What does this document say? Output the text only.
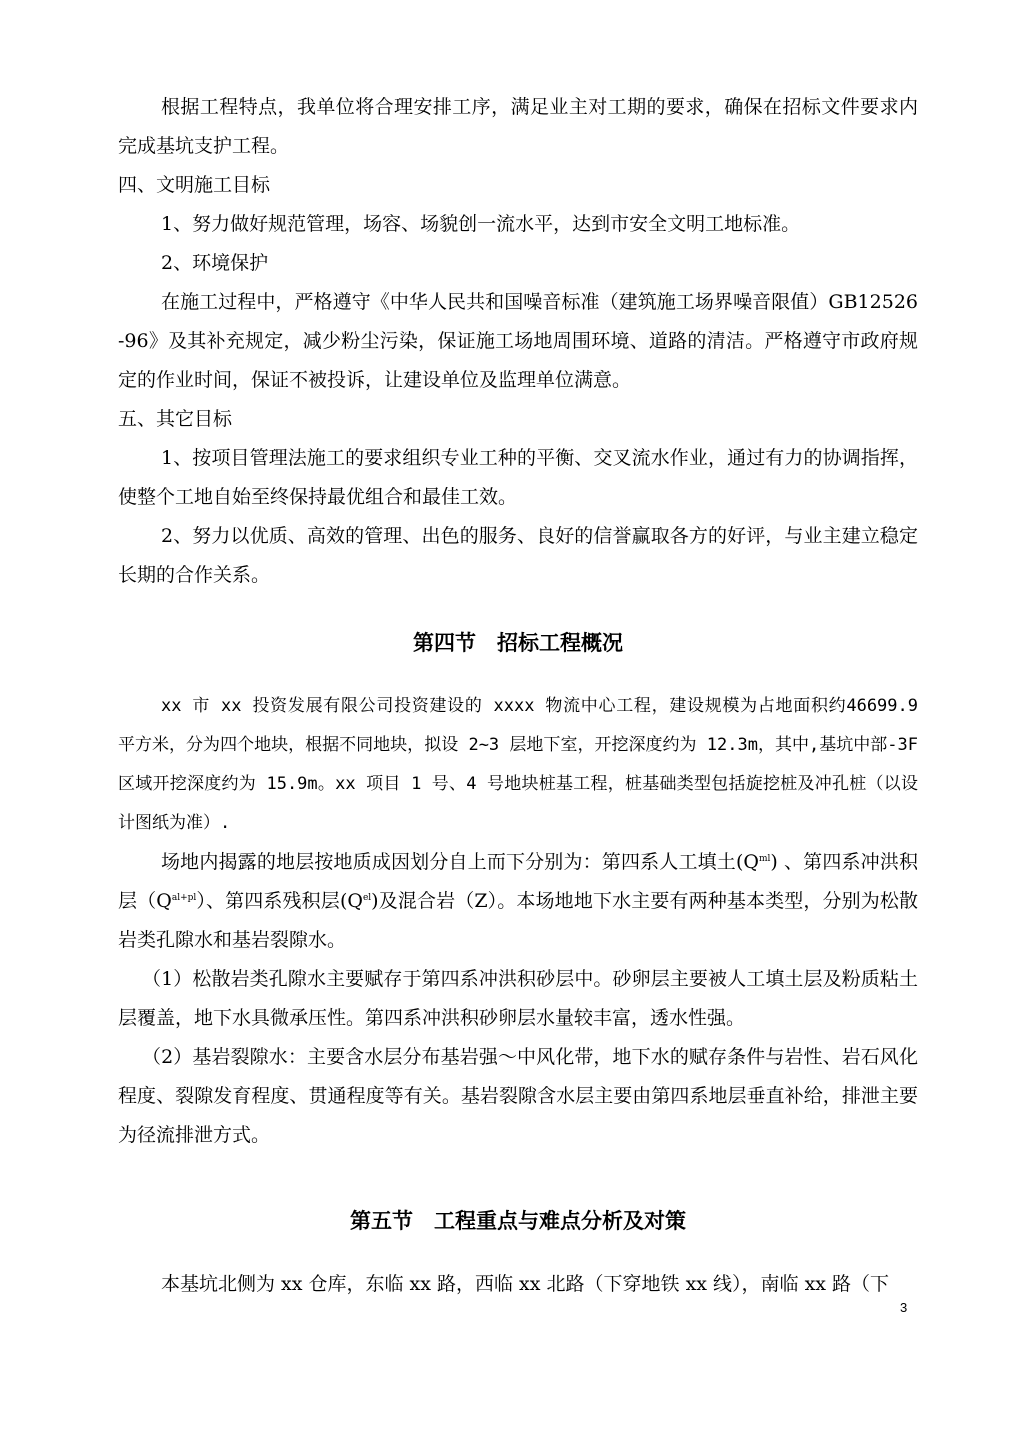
根据工程特点，我单位将合理安排工序，满足业主对工期的要求，确保在招标文件要求内完成基坑支护工程。

四、文明施工目标

1、努力做好规范管理，场容、场貌创一流水平，达到市安全文明工地标准。

2、环境保护

在施工过程中，严格遵守《中华人民共和国噪音标准（建筑施工场界噪音限值）GB12526-96》及其补充规定，减少粉尘污染，保证施工场地周围环境、道路的清洁。严格遵守市政府规定的作业时间，保证不被投诉，让建设单位及监理单位满意。

五、其它目标

1、按项目管理法施工的要求组织专业工种的平衡、交叉流水作业，通过有力的协调指挥，使整个工地自始至终保持最优组合和最佳工效。

2、努力以优质、高效的管理、出色的服务、良好的信誉赢取各方的好评，与业主建立稳定长期的合作关系。

第四节　招标工程概况

xx 市 xx 投资发展有限公司投资建设的 xxxx 物流中心工程，建设规模为占地面积约46699.9 平方米，分为四个地块，根据不同地块，拟设 2~3 层地下室，开挖深度约为 12.3m，其中,基坑中部-3F 区域开挖深度约为 15.9m。xx 项目 1 号、4 号地块桩基工程，桩基础类型包括旋挖桩及冲孔桩（以设计图纸为准）.

场地内揭露的地层按地质成因划分自上而下分别为：第四系人工填土$(Q^{ml})$ 、第四系冲洪积层$(Q^{al+pl})$、第四系残积层$(Q^{el})$及混合岩（Z）。本场地地下水主要有两种基本类型，分别为松散岩类孔隙水和基岩裂隙水。

（1）松散岩类孔隙水主要赋存于第四系冲洪积砂层中。砂卵层主要被人工填土层及粉质粘土层覆盖，地下水具微承压性。第四系冲洪积砂卵层水量较丰富，透水性强。

（2）基岩裂隙水：主要含水层分布基岩强～中风化带，地下水的赋存条件与岩性、岩石风化程度、裂隙发育程度、贯通程度等有关。基岩裂隙含水层主要由第四系地层垂直补给，排泄主要为径流排泄方式。

第五节　工程重点与难点分析及对策

本基坑北侧为 xx 仓库，东临 xx 路，西临 xx 北路（下穿地铁 xx 线），南临 xx 路（下

3
